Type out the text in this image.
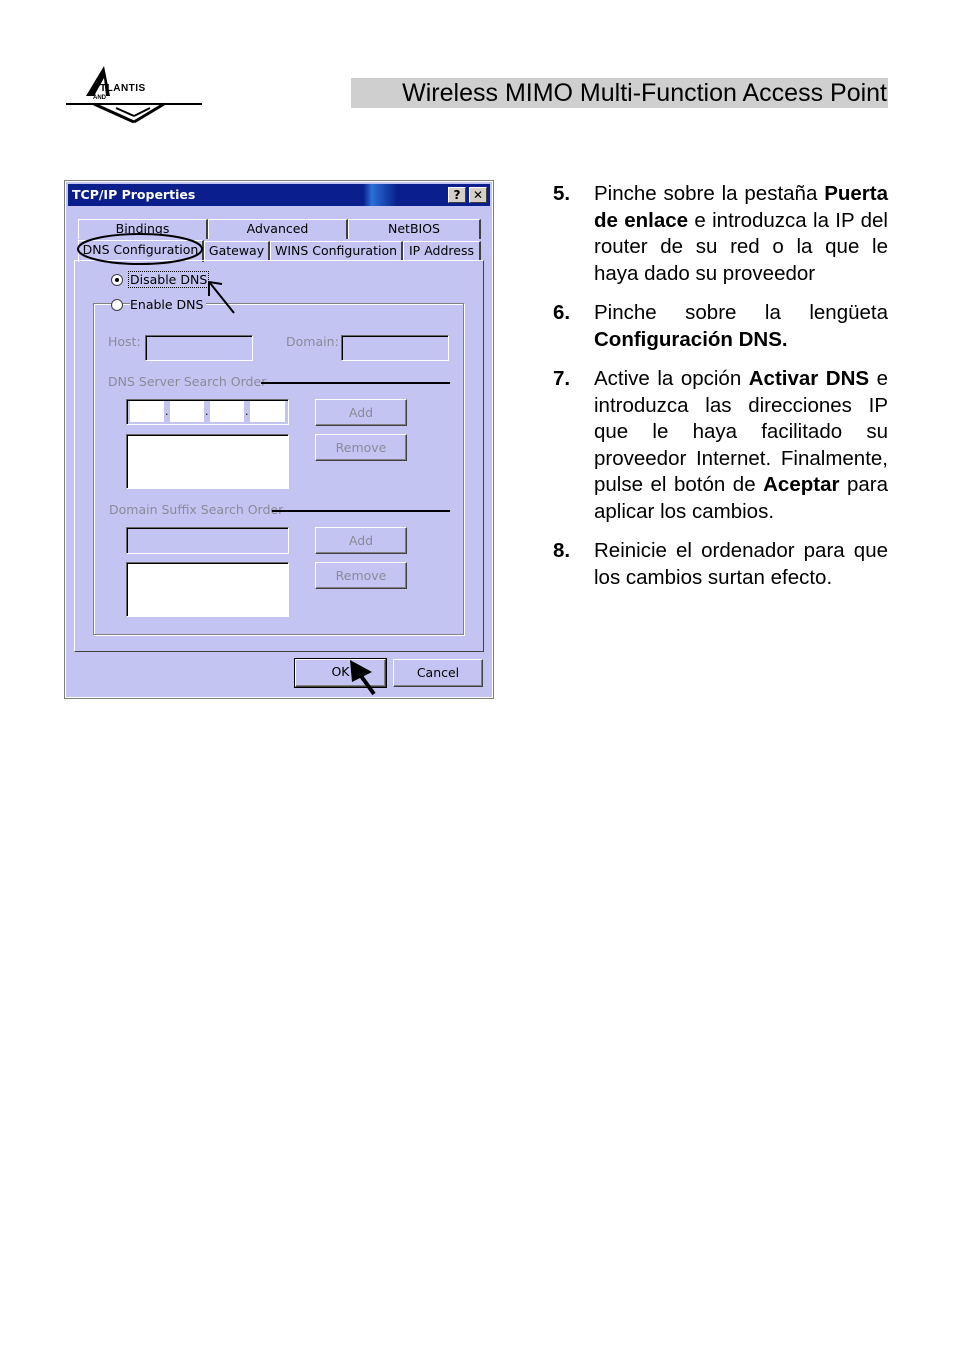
TLANTIS
AND	Wireless MIMO Multi-Function Access Point
TCP/IP Properties	?	✕
Bindings	Advanced	NetBIOS
DNS Configuration Gateway WINS Configuration IP Address
Disable DNS
Enable DNS
Host:	Domain:
DNS Server Search Order
.	.	.	Add
Remove
Domain Suffix Search Order
Add
Remove
OK	Cancel
5. Pinche sobre la pestaña Puerta de enlace e introduzca la IP del router de su red o la que le haya dado su proveedor
6. Pinche sobre la lengüeta Configuración DNS.
7. Active la opción Activar DNS e introduzca las direcciones IP que le haya facilitado su proveedor Internet. Finalmente, pulse el botón de Aceptar para aplicar los cambios.
8. Reinicie el ordenador para que los cambios surtan efecto.
